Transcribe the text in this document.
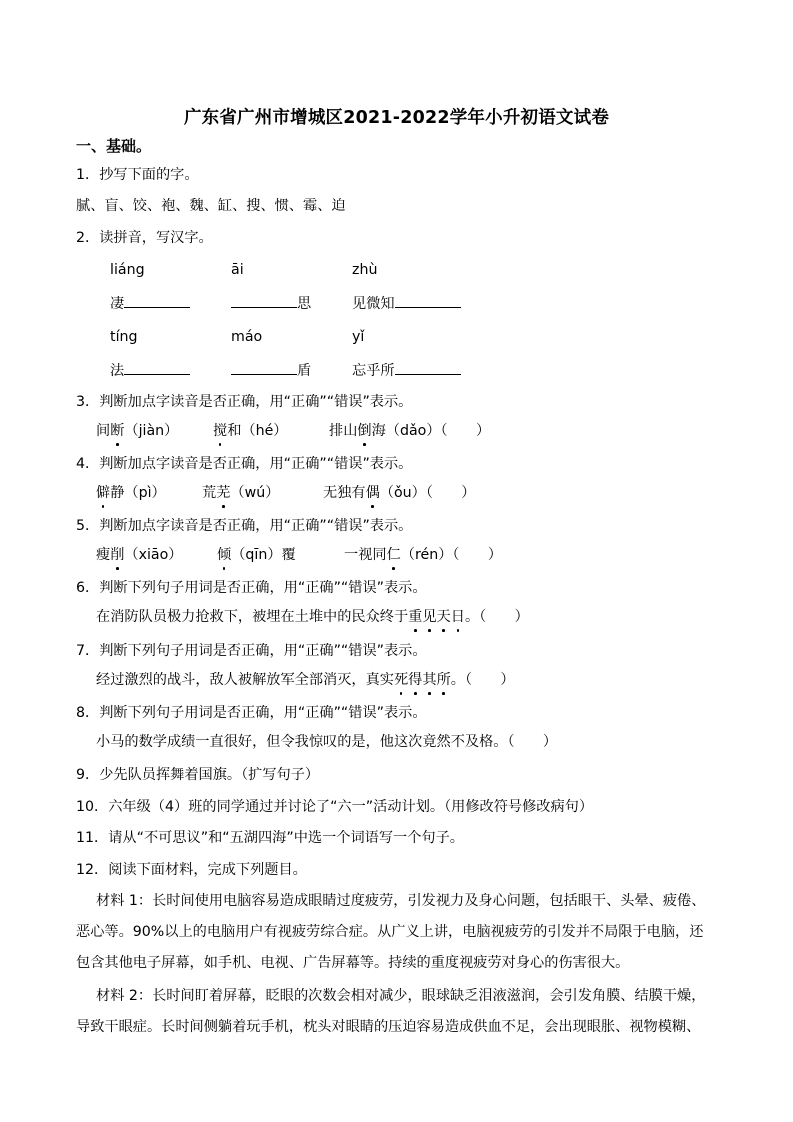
广东省广州市增城区2021-2022学年小升初语文试卷
一、基础。
1．抄写下面的字。
腻、盲、饺、袍、魏、缸、搜、惯、霉、迫
2．读拼音，写汉字。
liáng	āi	zhù
凄	思	见微知
tíng	máo	yǐ
法	盾	忘乎所
3．判断加点字读音是否正确，用“正确”“错误”表示。
间断（jiàn） 搅和（hé）	排山倒海（dǎo）（　　）
4．判断加点字读音是否正确，用“正确”“错误”表示。
僻静（pì）	荒芜（wú）	无独有偶（ǒu）（　　）
5．判断加点字读音是否正确，用“正确”“错误”表示。
瘦削（xiāo） 倾（qīn）覆	一视同仁（rén）（　　）
6．判断下列句子用词是否正确，用“正确”“错误”表示。
在消防队员极力抢救下，被埋在土堆中的民众终于重见天日。（　　）
7．判断下列句子用词是否正确，用“正确”“错误”表示。
经过激烈的战斗，敌人被解放军全部消灭，真实死得其所。（　　）
8．判断下列句子用词是否正确，用“正确”“错误”表示。
小马的数学成绩一直很好，但令我惊叹的是，他这次竟然不及格。（　　）
9．少先队员挥舞着国旗。（扩写句子）
10．六年级（4）班的同学通过并讨论了“六一”活动计划。（用修改符号修改病句）
11．请从“不可思议”和“五湖四海”中选一个词语写一个句子。
12．阅读下面材料，完成下列题目。
材料 1：长时间使用电脑容易造成眼睛过度疲劳，引发视力及身心问题，包括眼干、头晕、疲倦、
恶心等。90%以上的电脑用户有视疲劳综合症。从广义上讲，电脑视疲劳的引发并不局限于电脑，还
包含其他电子屏幕，如手机、电视、广告屏幕等。持续的重度视疲劳对身心的伤害很大。
材料 2：长时间盯着屏幕，眨眼的次数会相对减少，眼球缺乏泪液滋润，会引发角膜、结膜干燥，
导致干眼症。长时间侧躺着玩手机，枕头对眼睛的压迫容易造成供血不足，会出现眼胀、视物模糊、
